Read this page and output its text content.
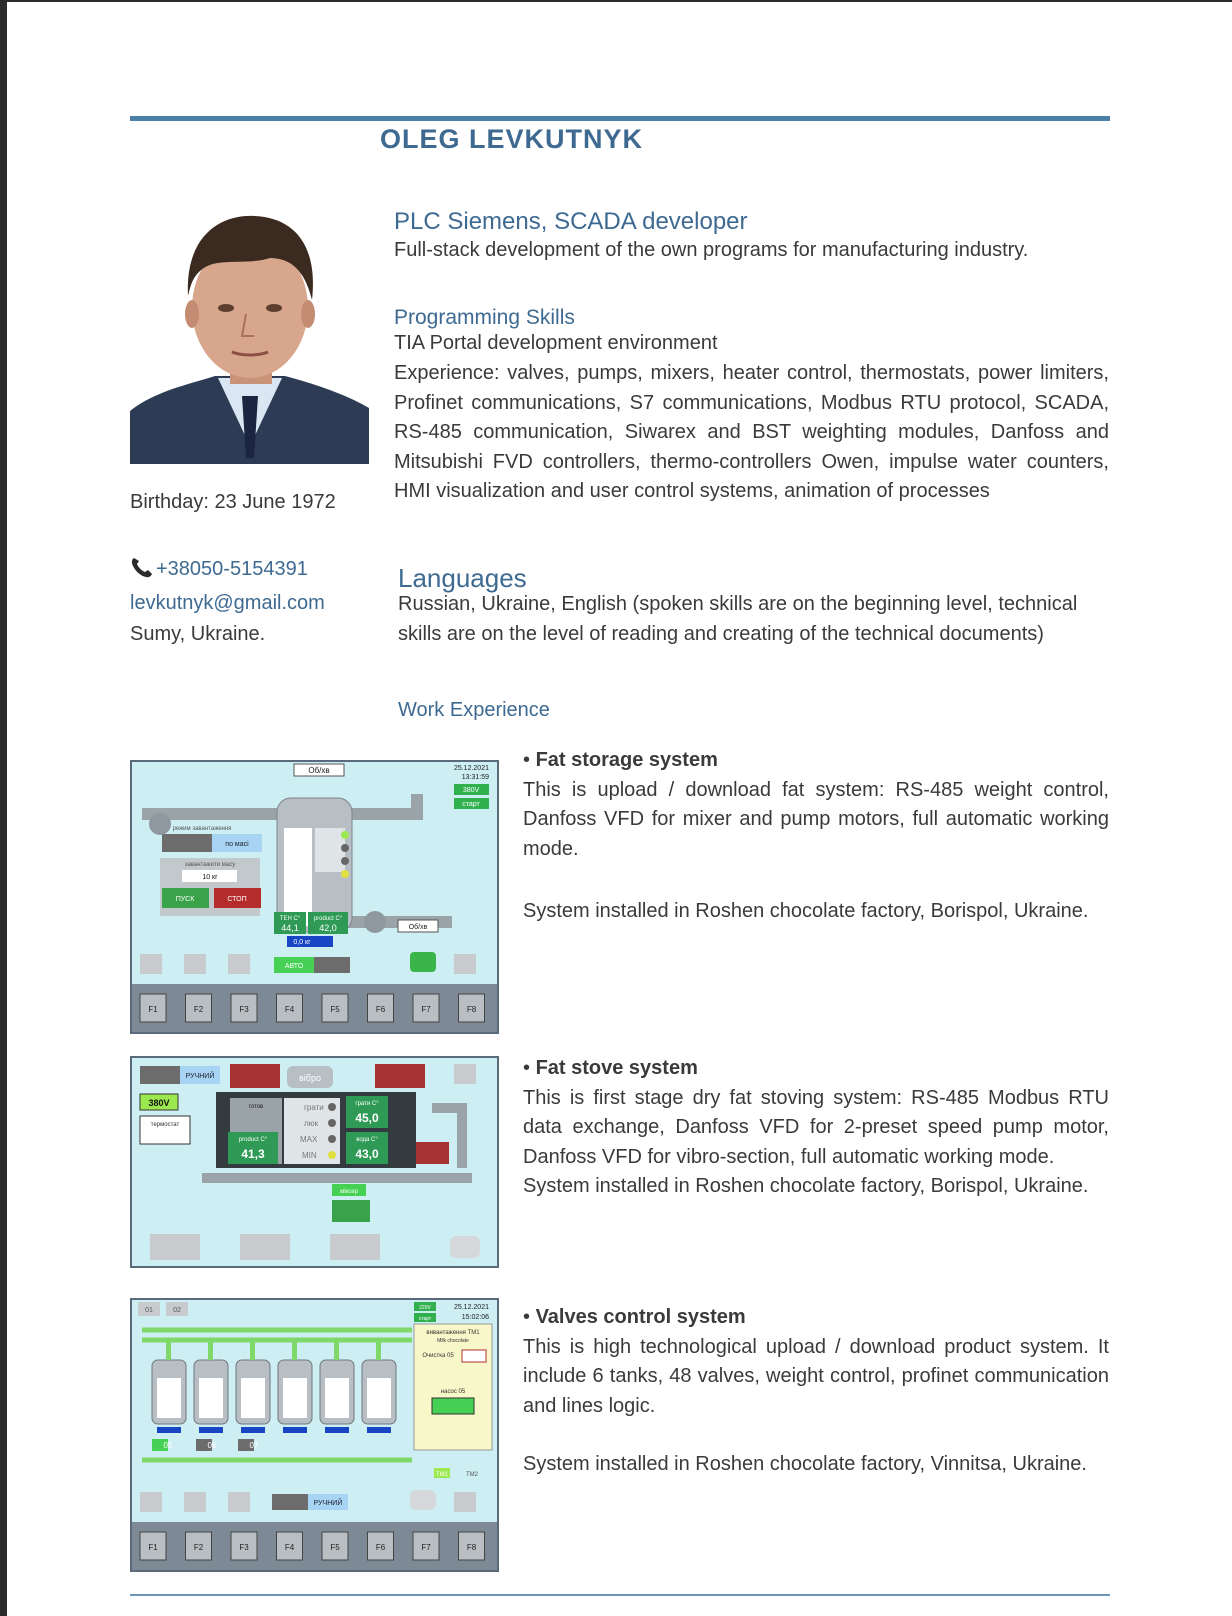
OLEG LEVKUTNYK
Birthday: 23 June 1972
+38050-5154391
levkutnyk@gmail.com
Sumy, Ukraine.
PLC Siemens, SCADA developer
Full-stack development of the own programs for manufacturing industry.
Programming Skills
TIA Portal development environment
Experience: valves, pumps, mixers, heater control, thermostats, power limiters, Profinet communications, S7 communications, Modbus RTU protocol, SCADA, RS-485 communication, Siwarex and BST weighting modules, Danfoss and Mitsubishi FVD controllers, thermo-controllers Owen, impulse water counters, HMI visualization and user control systems, animation of processes
Languages
Russian, Ukraine, English (spoken skills are on the beginning level, technical skills are on the level of reading and creating of the technical documents)
Work Experience
• Fat storage system
This is upload / download fat system: RS-485 weight control, Danfoss VFD for mixer and pump motors, full automatic working mode.
System installed in Roshen chocolate factory, Borispol, Ukraine.
• Fat stove system
This is first stage dry fat stoving system: RS-485 Modbus RTU data exchange, Danfoss VFD for 2-preset speed pump motor, Danfoss VFD for vibro-section, full automatic working mode.
System installed in Roshen chocolate factory, Borispol, Ukraine.
• Valves control system
This is high technological upload / download product system. It include 6 tanks, 48 valves, weight control, profinet communication and lines logic.
System installed in Roshen chocolate factory, Vinnitsa, Ukraine.
Об/хв	25.12.2021
13:31:59
380V
старт
режим завантаження
по масі
завантажити масу
10 кг
ПУСК	СТОП
ТЕН С°
44,1
product C°
42,0
0,0 кг
Об/хв
АВТО
F1	F2	F3	F4	F5	F6	F7	F8
РУЧНИЙ
380V
термостат
вібро
готов	грати
люк
MAX
MIN
грати C°
45,0
вода C°
43,0
product C°
41,3
міксер
01	02	220V
старт
25.12.2021
15:02:06
вивантаження ТМ1
Milk chocolate
Очистка 05
насос 05
05	06	07
ТМ1	ТМ2
РУЧНИЙ
F1	F2	F3	F4	F5	F6	F7	F8
